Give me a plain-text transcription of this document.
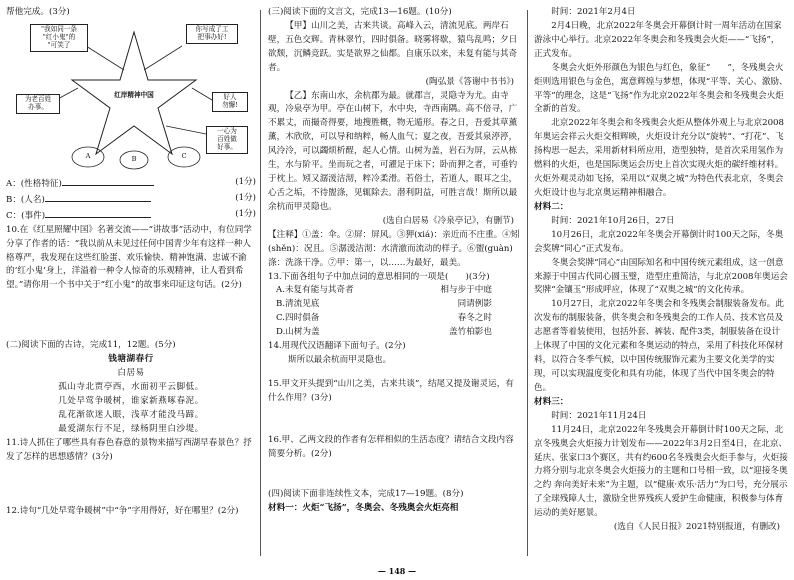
帮他完成。(3分)

红岸精神中国
A	B	C
"我如同一条
"红小鬼"的
"可笑了
你写成了工
把事办好!
为老百姓
办事。
好人
勿懈!
一心为
百姓做
好事。

A：(性格特征)	(1分)

B：(人名)	(1分)

C：(事件)	(1分)

10.在《红星照耀中国》名著交流——“讲故事”活动中，有位同学分享了作者的话：“我以前从未见过任何中国青少年有这样一种人格尊严，我发现在这些红脸蛋、欢乐愉快、精神饱满、忠诚不渝的‘红小鬼’身上，洋溢着一种令人惊奇的乐观精神，让人看到希望。”请你用一个书中关于“红小鬼”的故事来印证这句话。(2分)

(二)阅读下面的古诗，完成11，12题。(5分)

钱塘湖春行

白居易

孤山寺北贾亭西，水面初平云脚低。

几处早莺争暖树，谁家新燕啄春泥。

乱花渐欲迷人眼，浅草才能没马蹄。

最爱湖东行不足，绿杨阴里白沙堤。

11.诗人抓住了哪些具有春色春意的景物来描写西湖早春景色？抒发了怎样的思想感情？(3分)

12.诗句“几处早莺争暖树”中“争”字用得好，好在哪里？(2分)

(三)阅读下面的文言文，完成13—16题。(10分)

【甲】山川之美，古来共谈。高峰入云，清流见底。两岸石壁，五色交辉。青林翠竹，四时俱备。晓雾将歇，猿鸟乱鸣；夕日欲颓，沉鳞竞跃。实是欲界之仙都。自康乐以来，未复有能与其奇者。

(陶弘景《答谢中书书》)

【乙】东南山水，余杭郡为最。就郡言，灵隐寺为尤。由寺观，冷泉亭为甲。亭在山树下，水中央，寺西南隅。高不倍寻，广不累丈，而撮奇得要，地搜胜概，物无遁形。春之日，吾爱其草薰薰，木欣欣，可以导和纳粹，畅人血气；夏之夜，吾爱其泉渟渟，风泠泠，可以蠲烦析酲，起人心情。山树为盖，岩石为屏，云从栋生，水与阶平。坐而玩之者，可濯足于床下；卧而狎之者，可垂钓于枕上。矧又潺湲洁沏，粹冷柔滑。若俗士，若道人，眼耳之尘，心舌之垢，不待盥涤，见辄除去。潜利阴益，可胜言哉！斯所以最余杭而甲灵隐也。

(选自白居易《冷泉亭记》，有删节)

【注释】①盖：伞。②屏：屏风。③狎(xiá)：亲近而不庄重。④矧(shěn)：况且。⑤潺湲洁沏：水清澈而流动的样子。⑥盥(guàn)涤：洗涤干净。⑦甲：第一，以……为最好，最美。

13.下面各组句子中加点词的意思相同的一项是(　　)(3分)

A.未复有能与其奇者	相与步于中庭
B.清流见底	同请例影
C.四时俱备	春冬之时
D.山树为盖	盖竹柏影也

14.用现代汉语翻译下面句子。(2分)

斯所以最余杭而甲灵隐也。

15.甲文开头提到“山川之美，古来共谈”，结尾又提及谢灵运，有什么作用？(3分)

16.甲、乙两文段的作者有怎样相似的生活态度？请结合文段内容简要分析。(2分)

(四)阅读下面非连续性文本，完成17—19题。(8分)

材料一：火炬“飞扬”，冬奥会、冬残奥会火炬亮相

时间：2021年2月4日

2月4日晚，北京2022年冬奥会开幕倒计时一周年活动在国家游泳中心举行。北京2022年冬奥会和冬残奥会火炬——“飞扬”，正式发布。

冬奥会火炬外形颜色为银色与红色，象征“　　”，冬残奥会火炬则选用银色与金色，寓意辉煌与梦想，体现“平等、关心、激励、平等”的理念，这是“飞扬”作为北京2022年冬奥会和冬残奥会火炬全新的首发。

北京2022年冬奥会和冬残奥会火炬从整体外观上与北京2008年奥运会祥云火炬交相辉映，火炬设计充分以“旋转”、“打花”、飞扬构思一起去，采用新材料所应用，造型独特，是首次采用氢作为燃料的火炬，也是国际奥运会历史上首次实现火炬的碳纤维材料。火炬外观灵动如飞扬，采用以“双奥之城”为特色代表北京，冬奥会火炬设计也与北京奥运精神相融合。

材料二：

时间：2021年10月26日，27日

10月26日，北京2022年冬奥会开幕倒计时100天之际，冬奥会奖牌“同心”正式发布。

冬奥会奖牌“同心”由国际知名和中国传统元素组成，这一创意来源于中国古代同心圆玉璧，造型庄重简洁，与北京2008年奥运会奖牌“金镶玉”形成呼应，体现了“双奥之城”的文化传承。

10月27日，北京2022年冬奥会和冬残奥会制服装备发布。此次发布的制服装备，供冬奥会和冬残奥会的工作人员、技术官员及志愿者等着装使用，包括外套、裤装、配件3类，制服装备在设计上体现了中国的文化元素和冬奥运动的特点，采用了科技化环保材料，以符合冬季气候，以中国传统服饰元素为主要文化美学的实现，可以实现温度变化和具有功能，体现了当代中国冬奥会的特色。

材料三：

时间：2021年11月24日

11月24日，北京2022年冬残奥会开幕倒计时100天之际，北京冬残奥会火炬接力计划发布——2022年3月2日至4日，在北京、延庆、张家口3个赛区，共有约600名冬残奥会火炬手参与，火炬接力将分别与北京冬奥会火炬接力的主题和口号相一致，以“迎接冬奥之约 奔向美好未来”为主题，以“健康·欢乐·活力”为口号，充分展示了全球残障人士，激励全世界残疾人爱护生命健康，积极参与体育运动的美好愿景。

(选自《人民日报》2021特别报道，有删改)

— 148 —
